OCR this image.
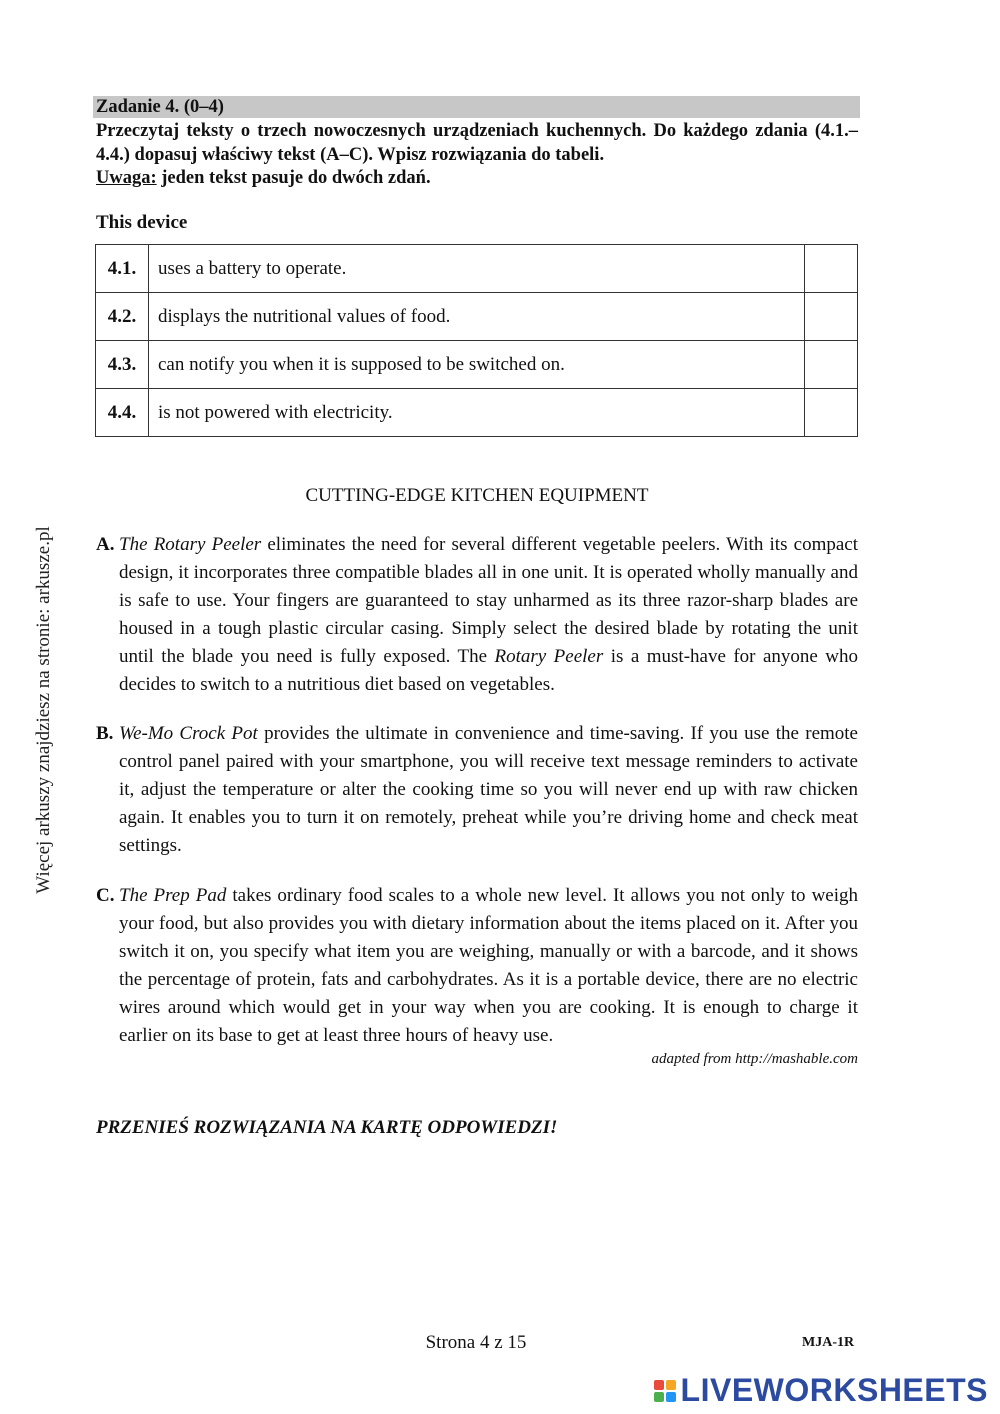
Więcej arkuszy znajdziesz na stronie: arkusze.pl
Zadanie 4. (0–4)
Przeczytaj teksty o trzech nowoczesnych urządzeniach kuchennych. Do każdego zdania (4.1.–4.4.) dopasuj właściwy tekst (A–C). Wpisz rozwiązania do tabeli.
Uwaga: jeden tekst pasuje do dwóch zdań.
This device
4.1.	uses a battery to operate.	
4.2.	displays the nutritional values of food.	
4.3.	can notify you when it is supposed to be switched on.	
4.4.	is not powered with electricity.	
CUTTING-EDGE KITCHEN EQUIPMENT
A. The Rotary Peeler eliminates the need for several different vegetable peelers. With its compact design, it incorporates three compatible blades all in one unit. It is operated wholly manually and is safe to use. Your fingers are guaranteed to stay unharmed as its three razor-sharp blades are housed in a tough plastic circular casing. Simply select the desired blade by rotating the unit until the blade you need is fully exposed. The Rotary Peeler is a must-have for anyone who decides to switch to a nutritious diet based on vegetables.
B. We-Mo Crock Pot provides the ultimate in convenience and time-saving. If you use the remote control panel paired with your smartphone, you will receive text message reminders to activate it, adjust the temperature or alter the cooking time so you will never end up with raw chicken again. It enables you to turn it on remotely, preheat while you’re driving home and check meat settings.
C. The Prep Pad takes ordinary food scales to a whole new level. It allows you not only to weigh your food, but also provides you with dietary information about the items placed on it. After you switch it on, you specify what item you are weighing, manually or with a barcode, and it shows the percentage of protein, fats and carbohydrates. As it is a portable device, there are no electric wires around which would get in your way when you are cooking. It is enough to charge it earlier on its base to get at least three hours of heavy use.
adapted from http://mashable.com
PRZENIEŚ ROZWIĄZANIA NA KARTĘ ODPOWIEDZI!
Strona 4 z 15	MJA-1R
LIVEWORKSHEETS
